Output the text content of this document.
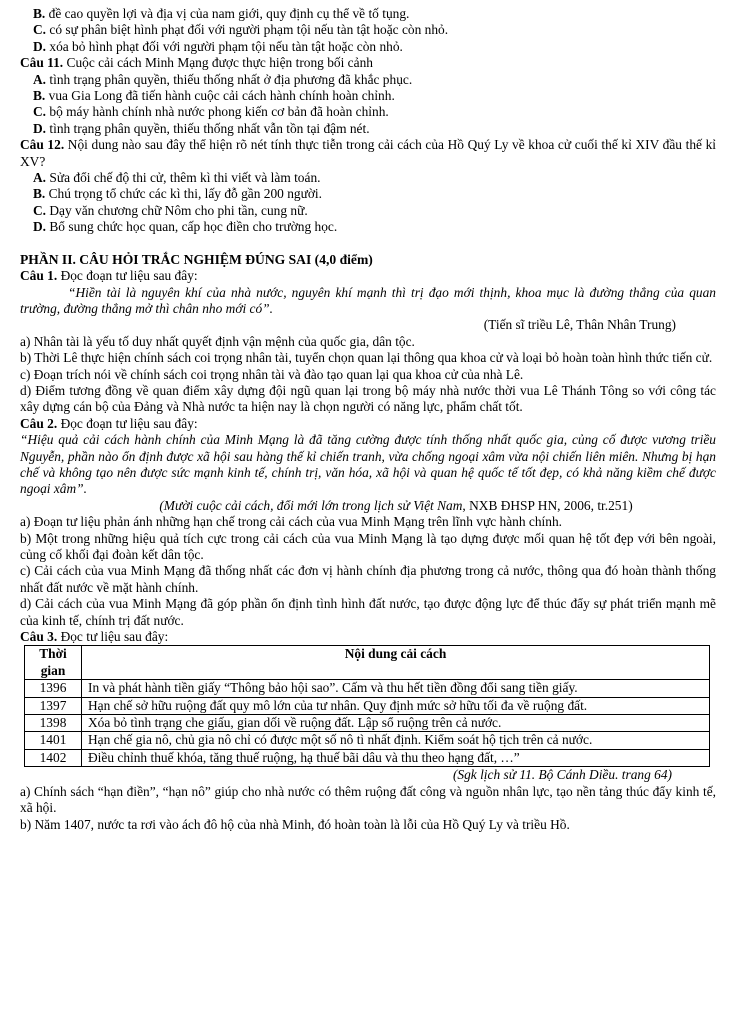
B. đề cao quyền lợi và địa vị của nam giới, quy định cụ thể về tố tụng.
C. có sự phân biệt hình phạt đối với người phạm tội nếu tàn tật hoặc còn nhỏ.
D. xóa bỏ hình phạt đối với người phạm tội nếu tàn tật hoặc còn nhỏ.
Câu 11. Cuộc cải cách Minh Mạng được thực hiện trong bối cảnh
A. tình trạng phân quyền, thiếu thống nhất ở địa phương đã khắc phục.
B. vua Gia Long đã tiến hành cuộc cải cách hành chính hoàn chỉnh.
C. bộ máy hành chính nhà nước phong kiến cơ bản đã hoàn chỉnh.
D. tình trạng phân quyền, thiếu thống nhất vẫn tồn tại đậm nét.
Câu 12. Nội dung nào sau đây thể hiện rõ nét tính thực tiễn trong cải cách của Hồ Quý Ly về khoa cử cuối thế kỉ XIV đầu thế kỉ XV?
A. Sửa đổi chế độ thi cử, thêm kì thi viết và làm toán.
B. Chú trọng tổ chức các kì thi, lấy đỗ gần 200 người.
C. Dạy văn chương chữ Nôm cho phi tần, cung nữ.
D. Bổ sung chức học quan, cấp học điền cho trường học.
PHẦN II. CÂU HỎI TRẮC NGHIỆM ĐÚNG SAI (4,0 điểm)
Câu 1. Đọc đoạn tư liệu sau đây:
“Hiền tài là nguyên khí của nhà nước, nguyên khí mạnh thì trị đạo mới thịnh, khoa mục là đường thẳng của quan trường, đường thẳng mở thì chân nho mới có”.
(Tiến sĩ triều Lê, Thân Nhân Trung)
a) Nhân tài là yếu tố duy nhất quyết định vận mệnh của quốc gia, dân tộc.
b) Thời Lê thực hiện chính sách coi trọng nhân tài, tuyển chọn quan lại thông qua khoa cử và loại bỏ hoàn toàn hình thức tiến cử.
c) Đoạn trích nói về chính sách coi trọng nhân tài và đào tạo quan lại qua khoa cử của nhà Lê.
d) Điểm tương đồng về quan điểm xây dựng đội ngũ quan lại trong bộ máy nhà nước thời vua Lê Thánh Tông so với công tác xây dựng cán bộ của Đảng và Nhà nước ta hiện nay là chọn người có năng lực, phẩm chất tốt.
Câu 2. Đọc đoạn tư liệu sau đây:
“Hiệu quả cải cách hành chính của Minh Mạng là đã tăng cường được tính thống nhất quốc gia, củng cố được vương triều Nguyễn, phần nào ổn định được xã hội sau hàng thế kỉ chiến tranh, vừa chống ngoại xâm vừa nội chiến liên miên. Nhưng bị hạn chế và không tạo nên được sức mạnh kinh tế, chính trị, văn hóa, xã hội và quan hệ quốc tế tốt đẹp, có khả năng kiềm chế được ngoại xâm”.
(Mười cuộc cải cách, đổi mới lớn trong lịch sử Việt Nam, NXB ĐHSP HN, 2006, tr.251)
a) Đoạn tư liệu phản ánh những hạn chế trong cải cách của vua Minh Mạng trên lĩnh vực hành chính.
b) Một trong những hiệu quả tích cực trong cải cách của vua Minh Mạng là tạo dựng được mối quan hệ tốt đẹp với bên ngoài, củng cố khối đại đoàn kết dân tộc.
c) Cải cách của vua Minh Mạng đã thống nhất các đơn vị hành chính địa phương trong cả nước, thông qua đó hoàn thành thống nhất đất nước về mặt hành chính.
d) Cải cách của vua Minh Mạng đã góp phần ổn định tình hình đất nước, tạo được động lực để thúc đẩy sự phát triển mạnh mẽ của kinh tế, chính trị đất nước.
Câu 3. Đọc tư liệu sau đây:
Thời gian	Nội dung cải cách
1396	In và phát hành tiền giấy “Thông bảo hội sao”. Cấm và thu hết tiền đồng đổi sang tiền giấy.
1397	Hạn chế sở hữu ruộng đất quy mô lớn của tư nhân. Quy định mức sở hữu tối đa về ruộng đất.
1398	Xóa bỏ tình trạng che giấu, gian dối về ruộng đất. Lập sổ ruộng trên cả nước.
1401	Hạn chế gia nô, chủ gia nô chỉ có được một số nô tì nhất định. Kiểm soát hộ tịch trên cả nước.
1402	Điều chỉnh thuế khóa, tăng thuế ruộng, hạ thuế bãi dâu và thu theo hạng đất, …”
(Sgk lịch sử 11. Bộ Cánh Diều. trang 64)
a) Chính sách “hạn điền”, “hạn nô” giúp cho nhà nước có thêm ruộng đất công và nguồn nhân lực, tạo nền tảng thúc đẩy kinh tế, xã hội.
b) Năm 1407, nước ta rơi vào ách đô hộ của nhà Minh, đó hoàn toàn là lỗi của Hồ Quý Ly và triều Hồ.
